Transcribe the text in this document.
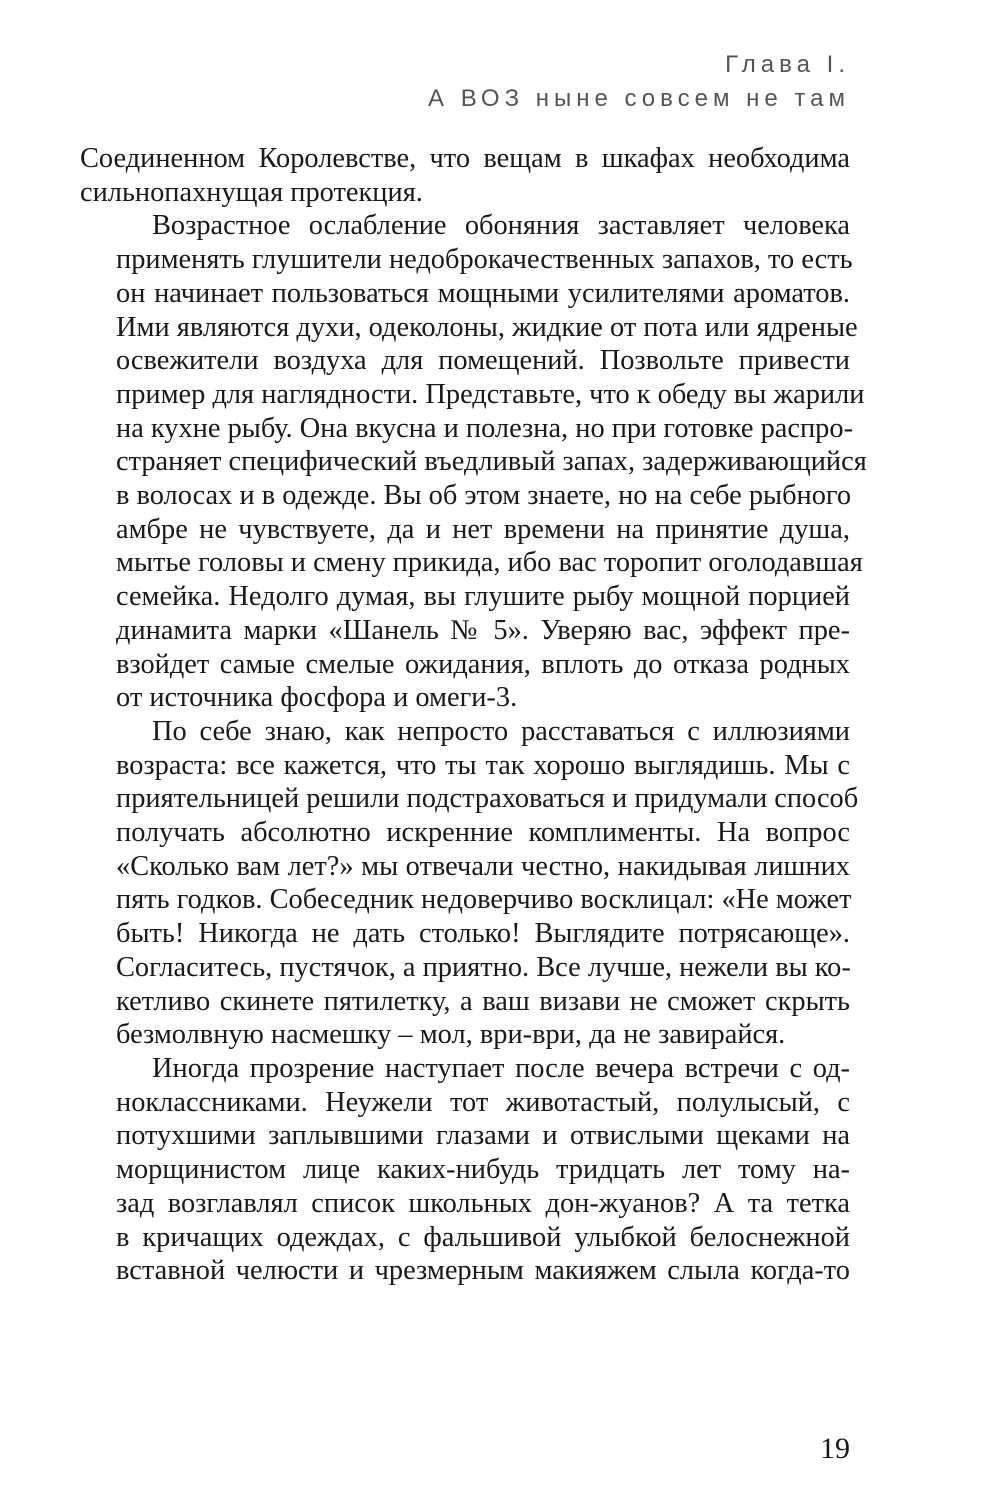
Глава I.
А ВОЗ ныне совсем не там

Соединенном Королевстве, что вещам в шкафах необходима
сильнопахнущая протекция.

Возрастное ослабление обоняния заставляет человека
применять глушители недоброкачественных запахов, то есть
он начинает пользоваться мощными усилителями ароматов.
Ими являются духи, одеколоны, жидкие от пота или ядреные
освежители воздуха для помещений. Позвольте привести
пример для наглядности. Представьте, что к обеду вы жарили
на кухне рыбу. Она вкусна и полезна, но при готовке распро-
страняет специфический въедливый запах, задерживающийся
в волосах и в одежде. Вы об этом знаете, но на себе рыбного
амбре не чувствуете, да и нет времени на принятие душа,
мытье головы и смену прикида, ибо вас торопит оголодавшая
семейка. Недолго думая, вы глушите рыбу мощной порцией
динамита марки «Шанель № 5». Уверяю вас, эффект пре-
взойдет самые смелые ожидания, вплоть до отказа родных
от источника фосфора и омеги-3.

По себе знаю, как непросто расставаться с иллюзиями
возраста: все кажется, что ты так хорошо выглядишь. Мы с
приятельницей решили подстраховаться и придумали способ
получать абсолютно искренние комплименты. На вопрос
«Сколько вам лет?» мы отвечали честно, накидывая лишних
пять годков. Собеседник недоверчиво восклицал: «Не может
быть! Никогда не дать столько! Выглядите потрясающе».
Согласитесь, пустячок, а приятно. Все лучше, нежели вы ко-
кетливо скинете пятилетку, а ваш визави не сможет скрыть
безмолвную насмешку – мол, ври-ври, да не завирайся.

Иногда прозрение наступает после вечера встречи с од-
ноклассниками. Неужели тот животастый, полулысый, с
потухшими заплывшими глазами и отвислыми щеками на
морщинистом лице каких-нибудь тридцать лет тому на-
зад возглавлял список школьных дон-жуанов? А та тетка
в кричащих одеждах, с фальшивой улыбкой белоснежной
вставной челюсти и чрезмерным макияжем слыла когда-то

19
